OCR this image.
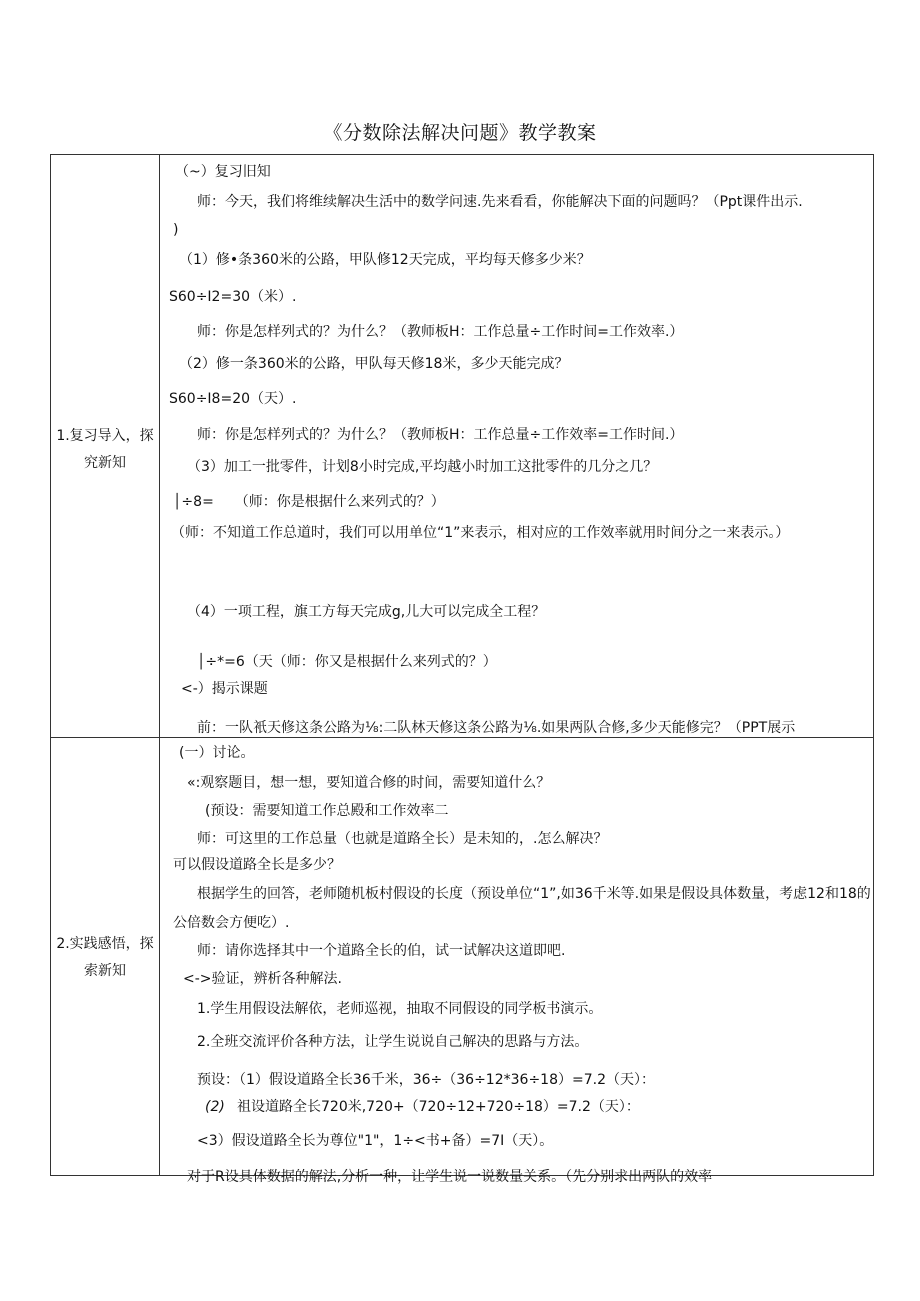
《分数除法解决问题》教学教案
1.复习导入，探究新知
（~）复习旧知
师：今天，我们将维续解决生活中的数学问速.先来看看，你能解决下面的问题吗？（Ppt课件出示.
)
（1）修•条360米的公路，甲队修12天完成，平均每天修多少米？
S60÷I2=30（米）.
师：你是怎样列式的？为什么？（教师板H：工作总量÷工作时间=工作效率.）
（2）修一条360米的公路，甲队每天修18米，多少天能完成？
S60÷I8=20（天）.
师：你是怎样列式的？为什么？（教师板H：工作总量÷工作效率=工作时间.）
（3）加工一批零件，计划8小时完成,平均越小时加工这批零件的几分之几？
│÷8=　　（师：你是根据什么来列式的？）
（师：不知道工作总道时，我们可以用单位“1”来表示，相对应的工作效率就用时间分之一来表示。）
（4）一项工程，旗工方每天完成g,儿大可以完成全工程？
│÷*=6（天（师：你又是根据什么来列式的？）
<-）揭示课题
前：一队衹天修这条公路为⅛:二队林天修这条公路为⅛.如果两队合修,多少天能修完？（PPT展示
2.实践感悟，探索新知
(一）讨论。
«:观察题目，想一想，要知道合修的时间，需要知道什么？
(预设：需要知道工作总殿和工作效率二
师：可这里的工作总量（也就是道路全长）是未知的，.怎么解决？
可以假设道路全长是多少？
根据学生的回答，老师随机板村假设的长度（预设单位“1”,如36千米等.如果是假设具体数量，考虑12和18的公倍数会方便吃）.
师：请你选择其中一个道路全长的伯，试一试解决这道即吧.
<->验证，辨析各种解法.
1.学生用假设法解依，老师巡视，抽取不同假设的同学板书演示。
2.全班交流评价各种方法，让学生说说自己解决的思路与方法。
预设：（1）假设道路全长36千米，36÷（36÷12*36÷18）=7.2（天）：
(2) 祖设道路全长720米,720+（720÷12+720÷18）=7.2（天）：
<3）假设道路全长为尊位"1"，1÷<书+备）=7I（天）。
对于R设具体数据的解法,分析一种，让学生说一说数量关系。（先分别求出两队的效率
